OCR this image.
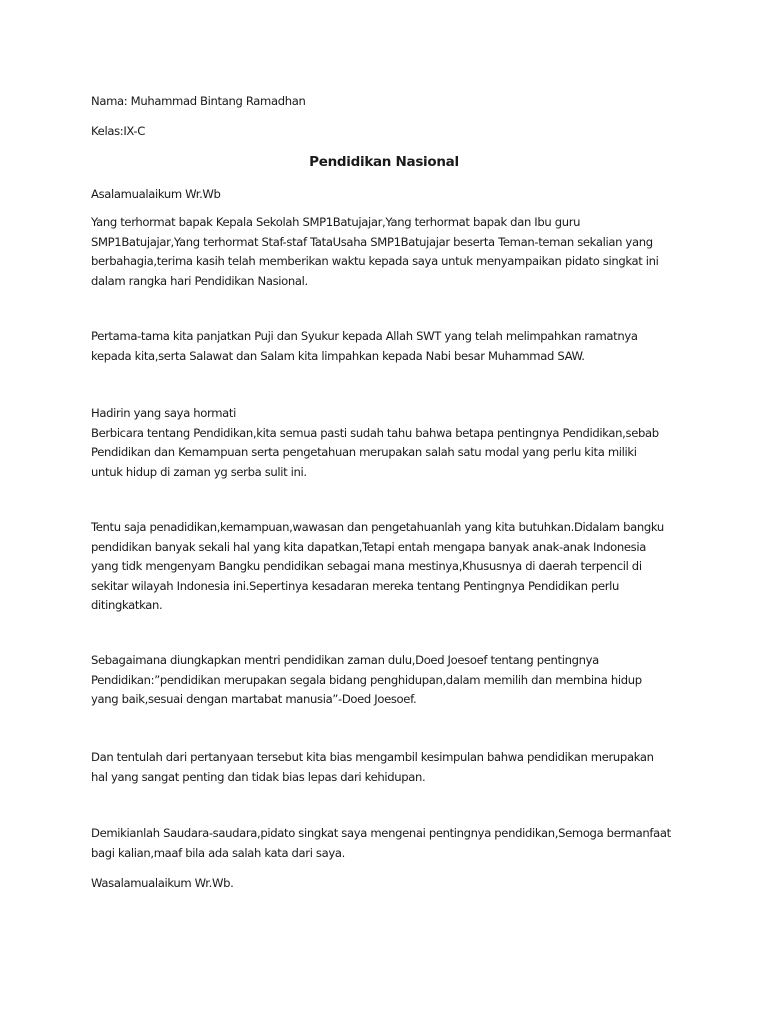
Nama: Muhammad Bintang Ramadhan
Kelas:IX-C
Pendidikan Nasional
Asalamualaikum Wr.Wb
Yang terhormat bapak Kepala Sekolah SMP1Batujajar,Yang terhormat bapak dan Ibu guru
SMP1Batujajar,Yang terhormat Staf-staf TataUsaha SMP1Batujajar beserta Teman-teman sekalian yang
berbahagia,terima kasih telah memberikan waktu kepada saya untuk menyampaikan pidato singkat ini
dalam rangka hari Pendidikan Nasional.
Pertama-tama kita panjatkan Puji dan Syukur kepada Allah SWT yang telah melimpahkan ramatnya
kepada kita,serta Salawat dan Salam kita limpahkan kepada Nabi besar Muhammad SAW.
Hadirin yang saya hormati
Berbicara tentang Pendidikan,kita semua pasti sudah tahu bahwa betapa pentingnya Pendidikan,sebab
Pendidikan dan Kemampuan serta pengetahuan merupakan salah satu modal yang perlu kita miliki
untuk hidup di zaman yg serba sulit ini.
Tentu saja penadidikan,kemampuan,wawasan dan pengetahuanlah yang kita butuhkan.Didalam bangku
pendidikan banyak sekali hal yang kita dapatkan,Tetapi entah mengapa banyak anak-anak Indonesia
yang tidk mengenyam Bangku pendidikan sebagai mana mestinya,Khususnya di daerah terpencil di
sekitar wilayah Indonesia ini.Sepertinya kesadaran mereka tentang Pentingnya Pendidikan perlu
ditingkatkan.
Sebagaimana diungkapkan mentri pendidikan zaman dulu,Doed Joesoef tentang pentingnya
Pendidikan:”pendidikan merupakan segala bidang penghidupan,dalam memilih dan membina hidup
yang baik,sesuai dengan martabat manusia”-Doed Joesoef.
Dan tentulah dari pertanyaan tersebut kita bias mengambil kesimpulan bahwa pendidikan merupakan
hal yang sangat penting dan tidak bias lepas dari kehidupan.
Demikianlah Saudara-saudara,pidato singkat saya mengenai pentingnya pendidikan,Semoga bermanfaat
bagi kalian,maaf bila ada salah kata dari saya.
Wasalamualaikum Wr.Wb.
